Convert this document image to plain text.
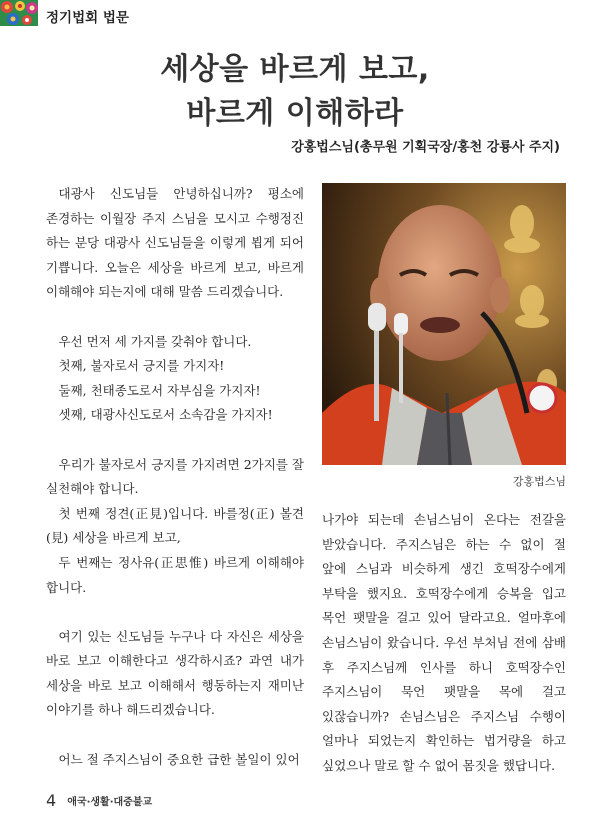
정기법회 법문
세상을 바르게 보고,
바르게 이해하라
강홍법스님(총무원 기획국장/홍천 강룡사 주지)

대광사 신도님들 안녕하십니까? 평소에 존경하는 이월장 주지 스님을 모시고 수행정진 하는 분당 대광사 신도님들을 이렇게 뵙게 되어 기쁩니다. 오늘은 세상을 바르게 보고, 바르게 이해해야 되는지에 대해 말씀 드리겠습니다.

우선 먼저 세 가지를 갖춰야 합니다.

첫째, 불자로서 긍지를 가지자!

둘째, 천태종도로서 자부심을 가지자!

셋째, 대광사신도로서 소속감을 가지자!

우리가 불자로서 긍지를 가지려면 2가지를 잘 실천해야 합니다.

첫 번째 정견(正見)입니다. 바를정(正) 볼견(見) 세상을 바르게 보고,

두 번째는 정사유(正思惟) 바르게 이해해야 합니다.

여기 있는 신도님들 누구나 다 자신은 세상을 바로 보고 이해한다고 생각하시죠? 과연 내가 세상을 바로 보고 이해해서 행동하는지 재미난 이야기를 하나 해드리겠습니다.

어느 절 주지스님이 중요한 급한 볼일이 있어

강홍법스님

나가야 되는데 손님스님이 온다는 전갈을 받았습니다. 주지스님은 하는 수 없이 절 앞에 스님과 비슷하게 생긴 호떡장수에게 부탁을 했지요. 호떡장수에게 승복을 입고 목언 팻말을 걸고 있어 달라고요. 얼마후에 손님스님이 왔습니다. 우선 부처님 전에 삼배 후 주지스님께 인사를 하니 호떡장수인 주지스님이 묵언 팻말을 목에 걸고 있잖습니까? 손님스님은 주지스님 수행이 얼마나 되었는지 확인하는 법거량을 하고 싶었으나 말로 할 수 없어 몸짓을 했답니다.

4 애국·생활·대중불교
